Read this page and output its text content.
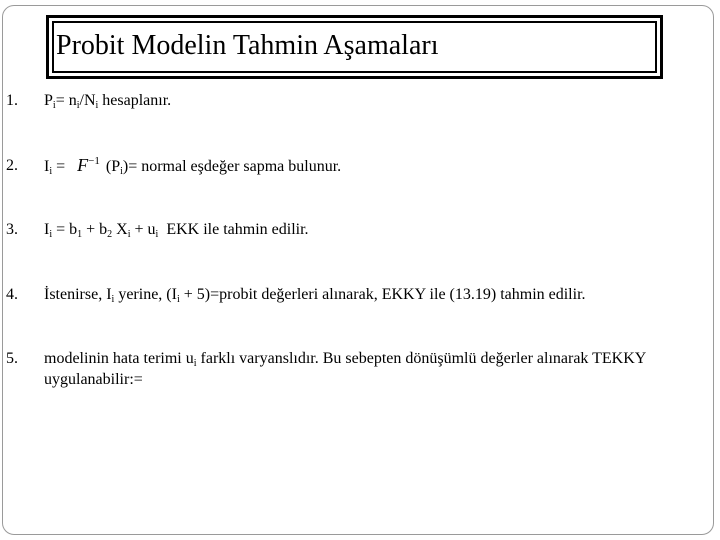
Probit Modelin Tahmin Aşamaları
1. $P_i= n_i/N_i$ hesaplanır.
2. $I_i = F^{-1}$ $(P_i)=$ normal eşdeğer sapma bulunur.
3. $I_i = b_1 + b_2$ $X_i + u_i$  EKK ile tahmin edilir.
4. İstenirse, $I_i$ yerine, ($I_i$ + 5)=probit değerleri alınarak, EKKY ile (13.19) tahmin edilir.
5. modelinin hata terimi $u_i$ farklı varyanslıdır. Bu sebepten dönüşümlü değerler alınarak TEKKY uygulanabilir:=
